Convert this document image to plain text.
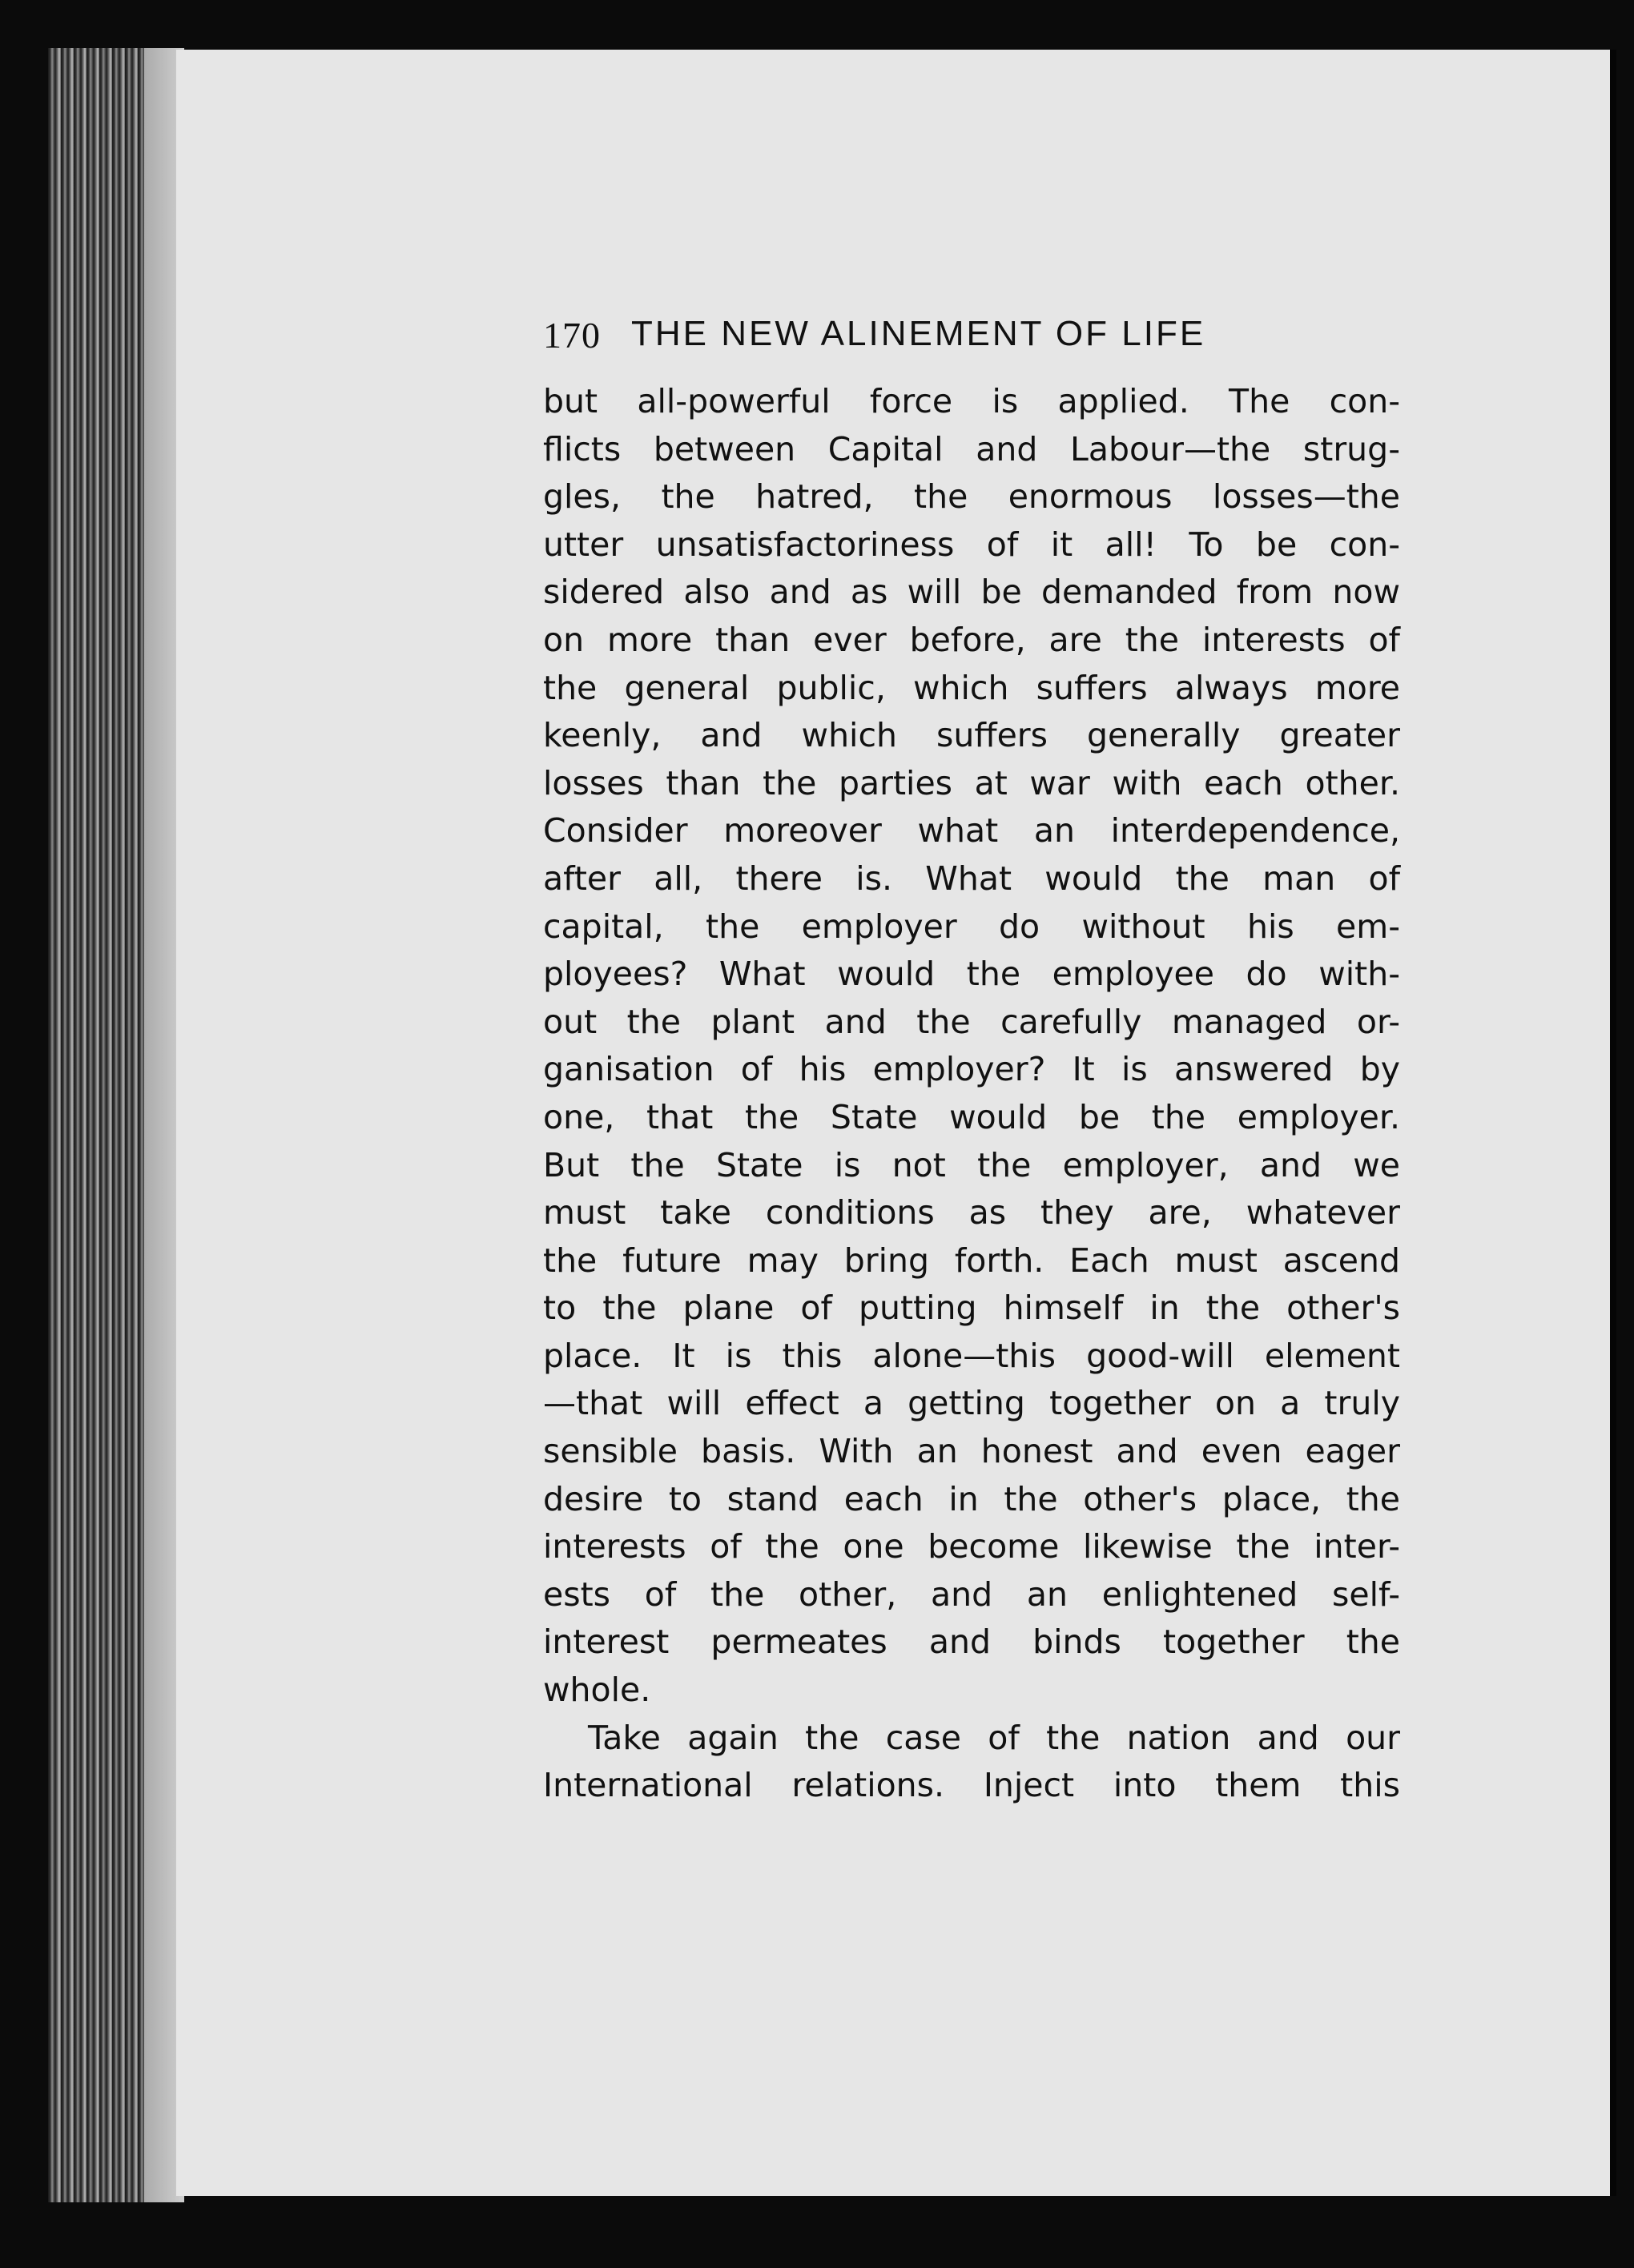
170 THE NEW ALINEMENT OF LIFE
but all-powerful force is applied. The con-
flicts between Capital and Labour—the strug-
gles, the hatred, the enormous losses—the
utter unsatisfactoriness of it all! To be con-
sidered also and as will be demanded from now
on more than ever before, are the interests of
the general public, which suffers always more
keenly, and which suffers generally greater
losses than the parties at war with each other.
Consider moreover what an interdependence,
after all, there is. What would the man of
capital, the employer do without his em-
ployees? What would the employee do with-
out the plant and the carefully managed or-
ganisation of his employer? It is answered by
one, that the State would be the employer.
But the State is not the employer, and we
must take conditions as they are, whatever
the future may bring forth. Each must ascend
to the plane of putting himself in the other's
place. It is this alone—this good-will element
—that will effect a getting together on a truly
sensible basis. With an honest and even eager
desire to stand each in the other's place, the
interests of the one become likewise the inter-
ests of the other, and an enlightened self-
interest permeates and binds together the
whole.
Take again the case of the nation and our
International relations. Inject into them this
